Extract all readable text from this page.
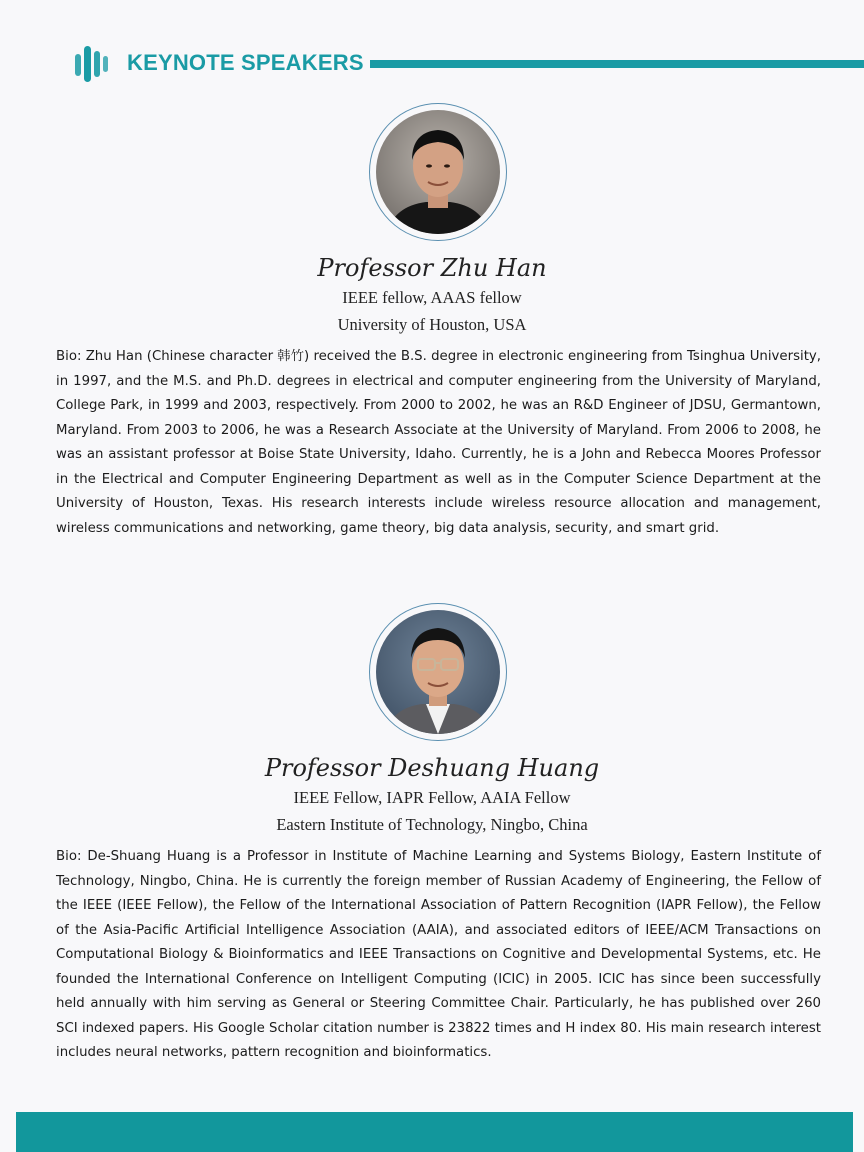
KEYNOTE SPEAKERS
Professor Zhu Han
IEEE fellow, AAAS fellow
University of Houston, USA

Bio: Zhu Han (Chinese character 韩竹) received the B.S. degree in electronic engineering from Tsinghua University, in 1997, and the M.S. and Ph.D. degrees in electrical and computer engineering from the University of Maryland, College Park, in 1999 and 2003, respectively. From 2000 to 2002, he was an R&D Engineer of JDSU, Germantown, Maryland. From 2003 to 2006, he was a Research Associate at the University of Maryland. From 2006 to 2008, he was an assistant professor at Boise State University, Idaho. Currently, he is a John and Rebecca Moores Professor in the Electrical and Computer Engineering Department as well as in the Computer Science Department at the University of Houston, Texas. His research interests include wireless resource allocation and management, wireless communications and networking, game theory, big data analysis, security, and smart grid.

Professor Deshuang Huang
IEEE Fellow, IAPR Fellow, AAIA Fellow
Eastern Institute of Technology, Ningbo, China

Bio: De-Shuang Huang is a Professor in Institute of Machine Learning and Systems Biology, Eastern Institute of Technology, Ningbo, China. He is currently the foreign member of Russian Academy of Engineering, the Fellow of the IEEE (IEEE Fellow), the Fellow of the International Association of Pattern Recognition (IAPR Fellow), the Fellow of the Asia-Pacific Artificial Intelligence Association (AAIA), and associated editors of IEEE/ACM Transactions on Computational Biology & Bioinformatics and IEEE Transactions on Cognitive and Developmental Systems, etc. He founded the International Conference on Intelligent Computing (ICIC) in 2005. ICIC has since been successfully held annually with him serving as General or Steering Committee Chair. Particularly, he has published over 260 SCI indexed papers. His Google Scholar citation number is 23822 times and H index 80. His main research interest includes neural networks, pattern recognition and bioinformatics.
